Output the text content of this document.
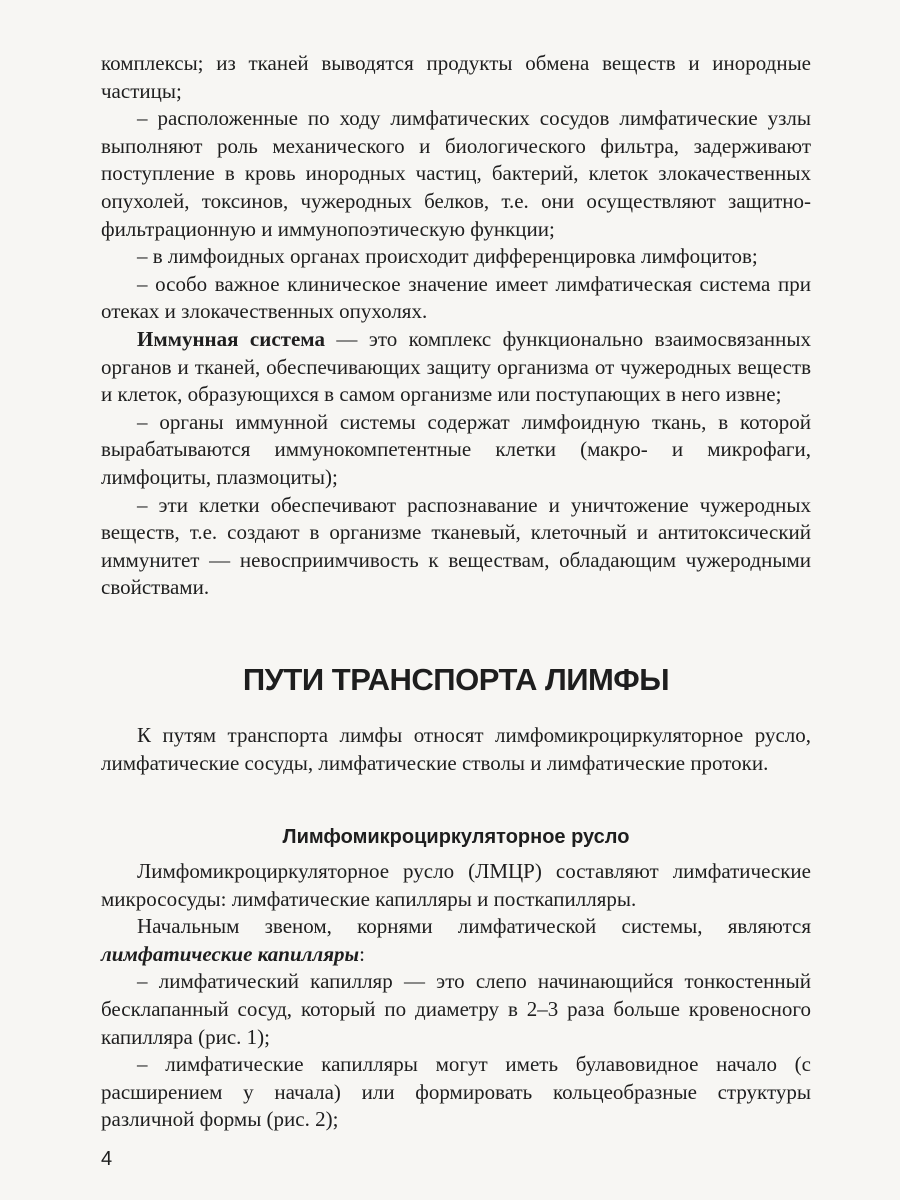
комплексы; из тканей выводятся продукты обмена веществ и инородные частицы;

– расположенные по ходу лимфатических сосудов лимфатические узлы выполняют роль механического и биологического фильтра, задерживают поступление в кровь инородных частиц, бактерий, клеток злокачественных опухолей, токсинов, чужеродных белков, т.е. они осуществляют защитно-фильтрационную и иммунопоэтическую функции;

– в лимфоидных органах происходит дифференцировка лимфоцитов;

– особо важное клиническое значение имеет лимфатическая система при отеках и злокачественных опухолях.

Иммунная система — это комплекс функционально взаимосвязанных органов и тканей, обеспечивающих защиту организма от чужеродных веществ и клеток, образующихся в самом организме или поступающих в него извне;

– органы иммунной системы содержат лимфоидную ткань, в которой вырабатываются иммунокомпетентные клетки (макро- и микрофаги, лимфоциты, плазмоциты);

– эти клетки обеспечивают распознавание и уничтожение чужеродных веществ, т.е. создают в организме тканевый, клеточный и антитоксический иммунитет — невосприимчивость к веществам, обладающим чужеродными свойствами.

ПУТИ ТРАНСПОРТА ЛИМФЫ

К путям транспорта лимфы относят лимфомикроциркуляторное русло, лимфатические сосуды, лимфатические стволы и лимфатические протоки.

Лимфомикроциркуляторное русло

Лимфомикроциркуляторное русло (ЛМЦР) составляют лимфатические микрососуды: лимфатические капилляры и посткапилляры.

Начальным звеном, корнями лимфатической системы, являются лимфатические капилляры:

– лимфатический капилляр — это слепо начинающийся тонкостенный бесклапанный сосуд, который по диаметру в 2–3 раза больше кровеносного капилляра (рис. 1);

– лимфатические капилляры могут иметь булавовидное начало (с расширением у начала) или формировать кольцеобразные структуры различной формы (рис. 2);

4
